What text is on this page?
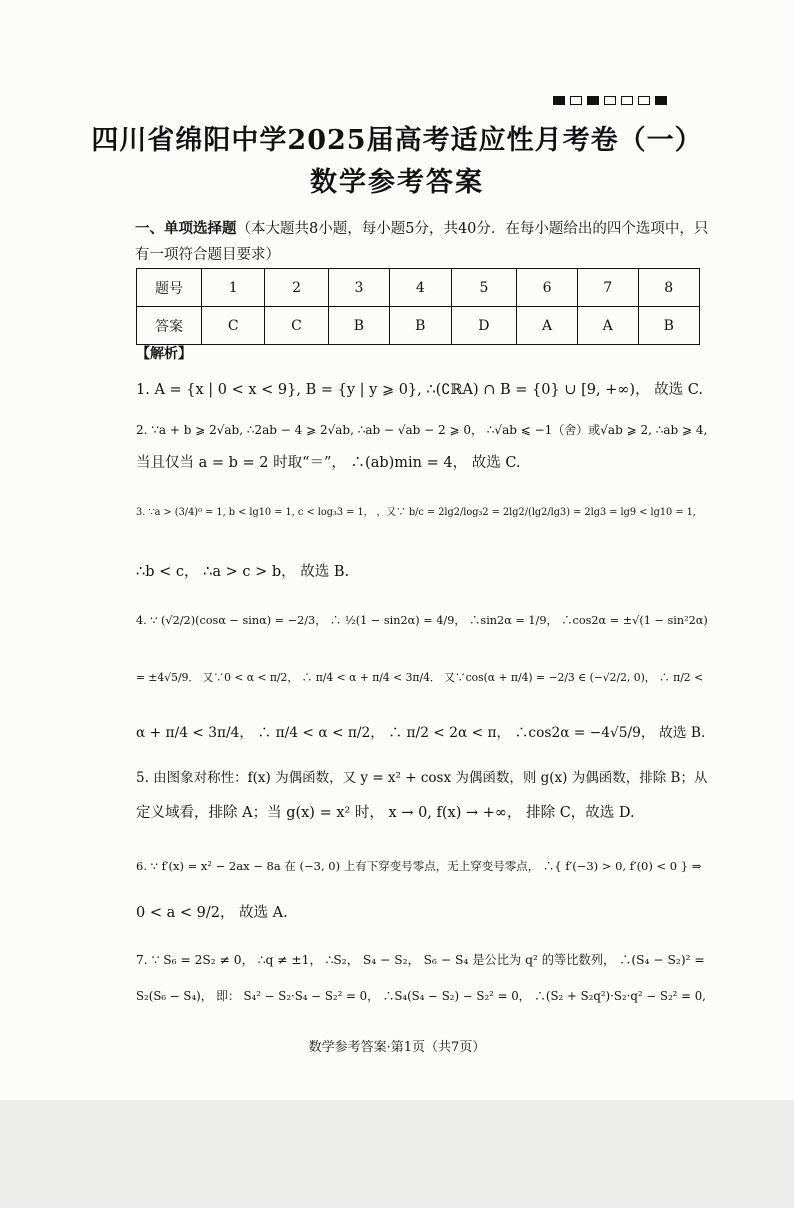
四川省绵阳中学2025届高考适应性月考卷（一）
数学参考答案
一、单项选择题（本大题共8小题，每小题5分，共40分．在每小题给出的四个选项中，只有一项符合题目要求）
题号	1	2	3	4	5	6	7	8
答案	C	C	B	B	D	A	A	B
【解析】
1. A = {x | 0 < x < 9}, B = {y | y ⩾ 0}, ∴(∁ℝA) ∩ B = {0} ∪ [9, +∞)， 故选 C.
2. ∵a + b ⩾ 2√ab, ∴2ab − 4 ⩾ 2√ab, ∴ab − √ab − 2 ⩾ 0， ∴√ab ⩽ −1（舍）或√ab ⩾ 2, ∴ab ⩾ 4,
当且仅当 a = b = 2 时取“＝”， ∴(ab)min = 4， 故选 C.
3. ∵a > (3/4)⁰ = 1, b < lg10 = 1, c < log₃3 = 1， ，又∵ b/c = 2lg2/log₃2 = 2lg2/(lg2/lg3) = 2lg3 = lg9 < lg10 = 1,
∴b < c， ∴a > c > b， 故选 B.
4. ∵ (√2/2)(cosα − sinα) = −2/3， ∴ ½(1 − sin2α) = 4/9， ∴sin2α = 1/9， ∴cos2α = ±√(1 − sin²2α)
= ±4√5/9． 又∵0 < α < π/2， ∴ π/4 < α + π/4 < 3π/4． 又∵cos(α + π/4) = −2/3 ∈ (−√2/2, 0)， ∴ π/2 <
α + π/4 < 3π/4， ∴ π/4 < α < π/2， ∴ π/2 < 2α < π， ∴cos2α = −4√5/9， 故选 B.
5. 由图象对称性：f(x) 为偶函数，又 y = x² + cosx 为偶函数，则 g(x) 为偶函数，排除 B；从
定义域看，排除 A；当 g(x) = x² 时， x → 0, f(x) → +∞， 排除 C，故选 D.
6. ∵ f′(x) = x² − 2ax − 8a 在 (−3, 0) 上有下穿变号零点，无上穿变号零点， ∴{ f′(−3) > 0, f′(0) < 0 } ⇒
0 < a < 9/2， 故选 A.
7. ∵ S₆ = 2S₂ ≠ 0， ∴q ≠ ±1， ∴S₂， S₄ − S₂， S₆ − S₄ 是公比为 q² 的等比数列， ∴(S₄ − S₂)² =
S₂(S₆ − S₄)， 即： S₄² − S₂·S₄ − S₂² = 0， ∴S₄(S₄ − S₂) − S₂² = 0， ∴(S₂ + S₂q²)·S₂·q² − S₂² = 0,
数学参考答案·第1页（共7页）
